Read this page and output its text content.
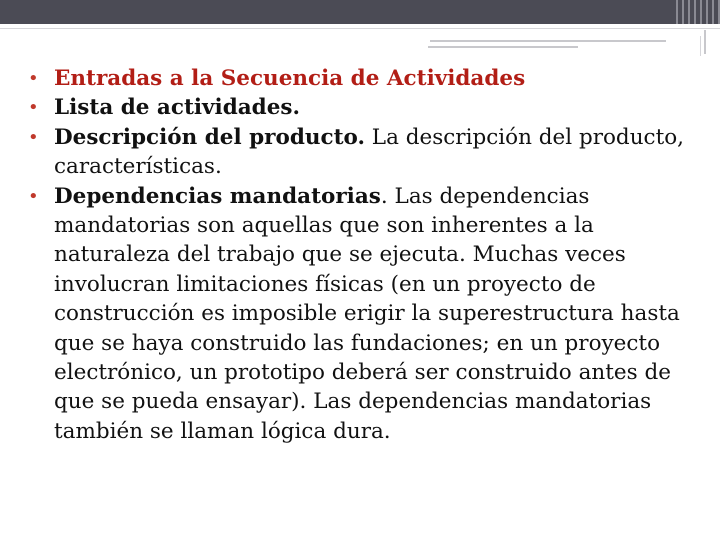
• Entradas a la Secuencia de Actividades
• Lista de actividades.
• Descripción del producto. La descripción del producto, características.
• Dependencias mandatorias. Las dependencias mandatorias son aquellas que son inherentes a la naturaleza del trabajo que se ejecuta. Muchas veces involucran limitaciones físicas (en un proyecto de construcción es imposible erigir la superestructura hasta que se haya construido las fundaciones; en un proyecto electrónico, un prototipo deberá ser construido antes de que se pueda ensayar). Las dependencias mandatorias también se llaman lógica dura.
